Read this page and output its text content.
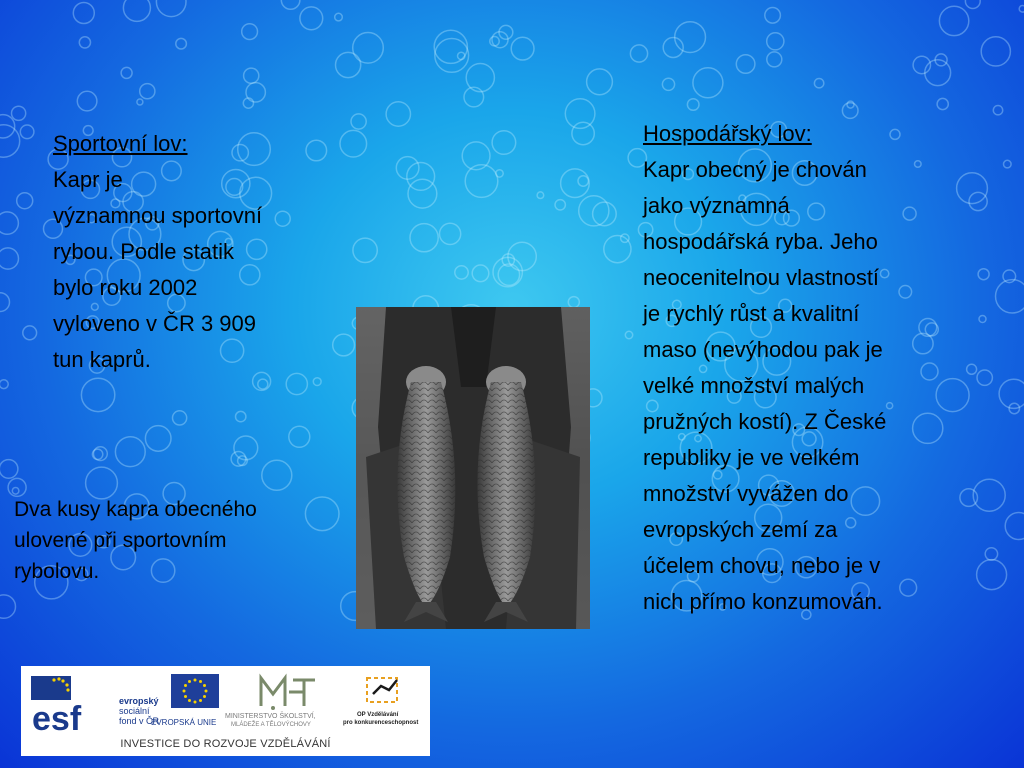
Sportovní lov:
Kapr je
významnou sportovní
rybou. Podle statik
bylo roku 2002
vyloveno v ČR 3 909
tun kaprů.
Hospodářský lov:
Kapr obecný je chován
jako významná
hospodářská ryba. Jeho
neocenitelnou vlastností
je rychlý růst a kvalitní
maso (nevýhodou pak je
velké množství malých
pružných kostí). Z České
republiky je ve velkém
množství vyvážen do
evropských zemí za
účelem chovu, nebo je v
nich přímo konzumován.
Dva kusy kapra obecného
ulovené při sportovním
rybolovu.
esf	evropský
sociální
fond v ČR
EVROPSKÁ UNIE
MINISTERSTVO ŠKOLSTVÍ,
MLÁDEŽE A TĚLOVÝCHOVY
OP Vzdělávání
pro konkurenceschopnost
INVESTICE DO ROZVOJE VZDĚLÁVÁNÍ
